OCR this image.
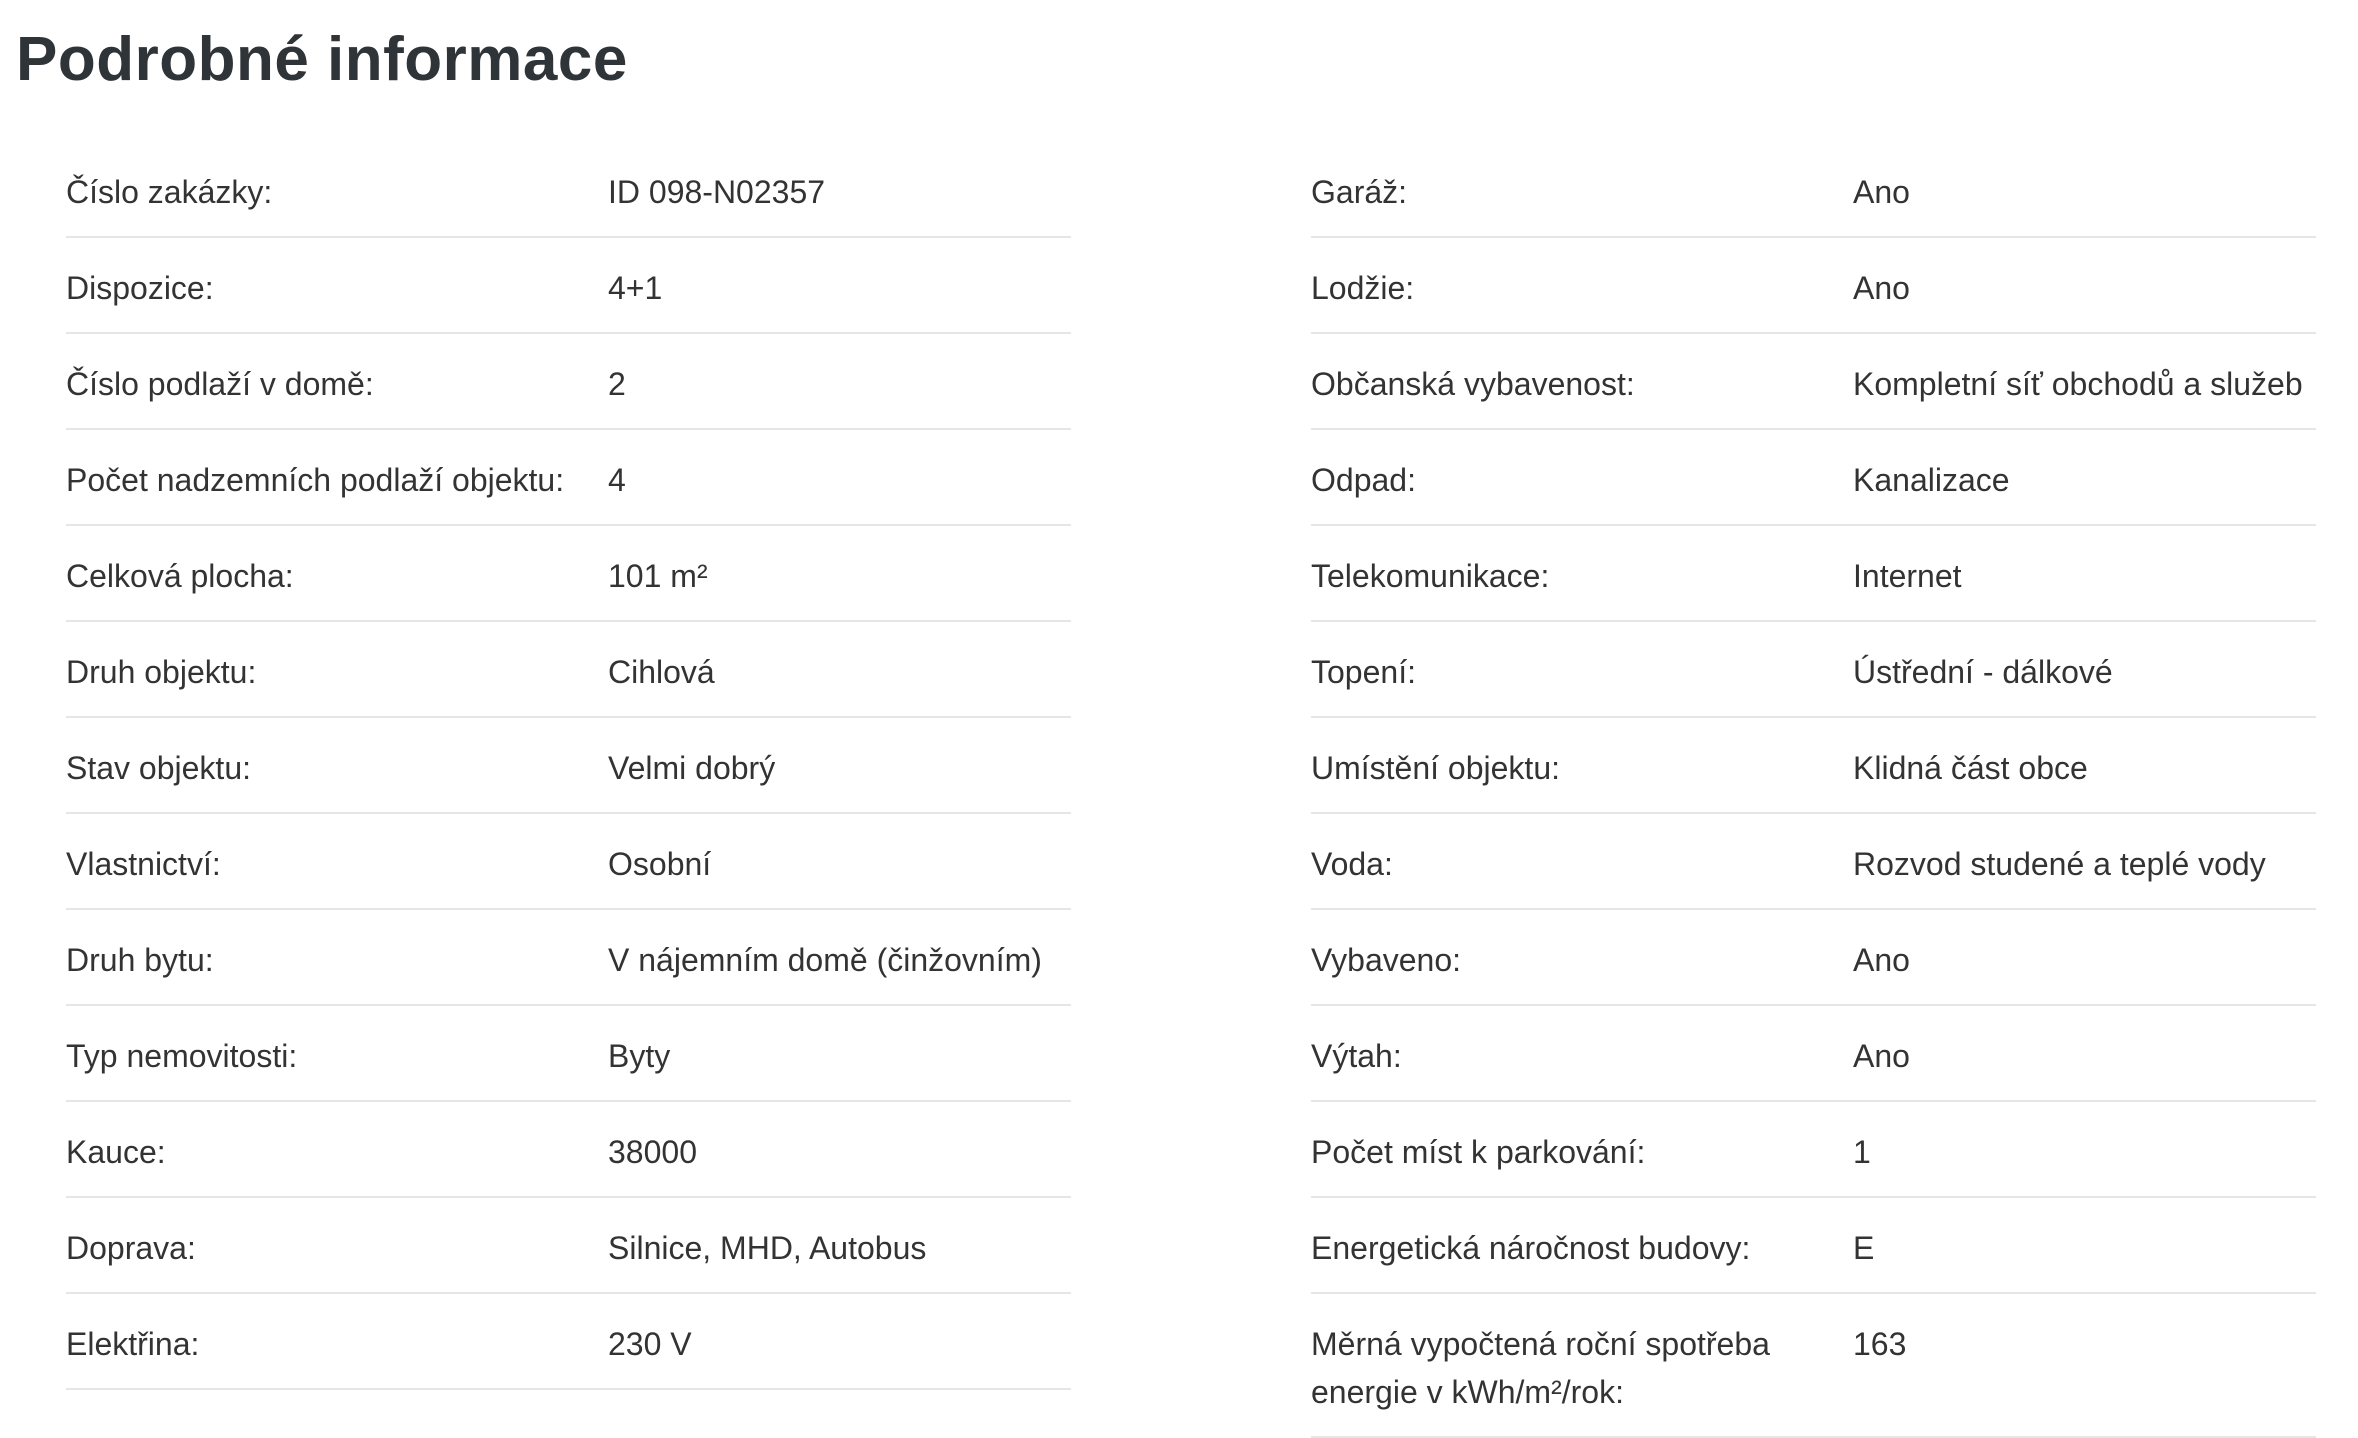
Podrobné informace
Číslo zakázky:	ID 098-N02357
Dispozice:	4+1
Číslo podlaží v domě:	2
Počet nadzemních podlaží objektu:	4
Celková plocha:	101 m²
Druh objektu:	Cihlová
Stav objektu:	Velmi dobrý
Vlastnictví:	Osobní
Druh bytu:	V nájemním domě (činžovním)
Typ nemovitosti:	Byty
Kauce:	38000
Doprava:	Silnice, MHD, Autobus
Elektřina:	230 V
Garáž:	Ano
Lodžie:	Ano
Občanská vybavenost:	Kompletní síť obchodů a služeb
Odpad:	Kanalizace
Telekomunikace:	Internet
Topení:	Ústřední - dálkové
Umístění objektu:	Klidná část obce
Voda:	Rozvod studené a teplé vody
Vybaveno:	Ano
Výtah:	Ano
Počet míst k parkování:	1
Energetická náročnost budovy:	E
Měrná vypočtená roční spotřeba energie v kWh/m²/rok:
163
